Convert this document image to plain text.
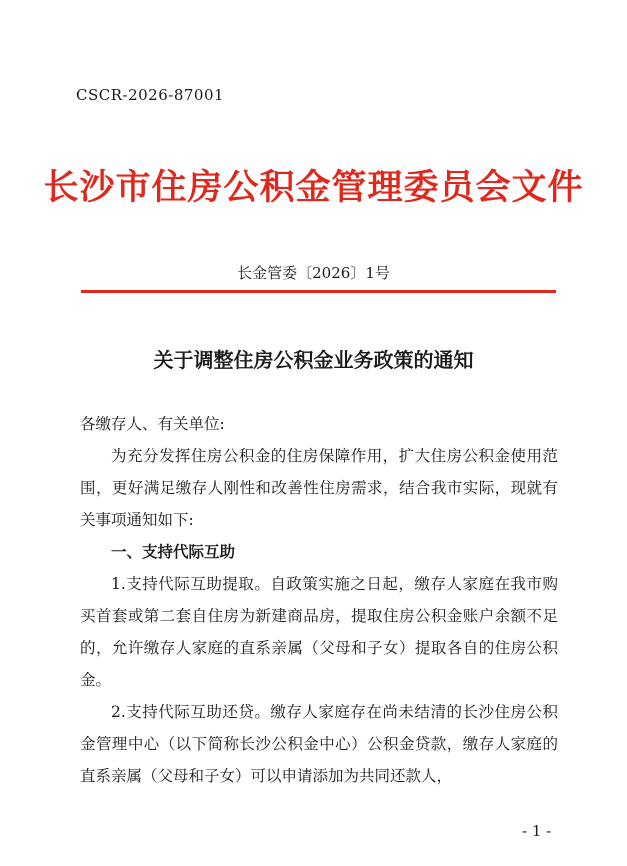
CSCR-2026-87001
长沙市住房公积金管理委员会文件
长金管委〔2026〕1号
关于调整住房公积金业务政策的通知

各缴存人、有关单位:

为充分发挥住房公积金的住房保障作用，扩大住房公积金使用范围，更好满足缴存人刚性和改善性住房需求，结合我市实际，现就有关事项通知如下:

一、支持代际互助

1.支持代际互助提取。自政策实施之日起，缴存人家庭在我市购买首套或第二套自住房为新建商品房，提取住房公积金账户余额不足的，允许缴存人家庭的直系亲属（父母和子女）提取各自的住房公积金。

2.支持代际互助还贷。缴存人家庭存在尚未结清的长沙住房公积金管理中心（以下简称长沙公积金中心）公积金贷款，缴存人家庭的直系亲属（父母和子女）可以申请添加为共同还款人，

- 1 -
